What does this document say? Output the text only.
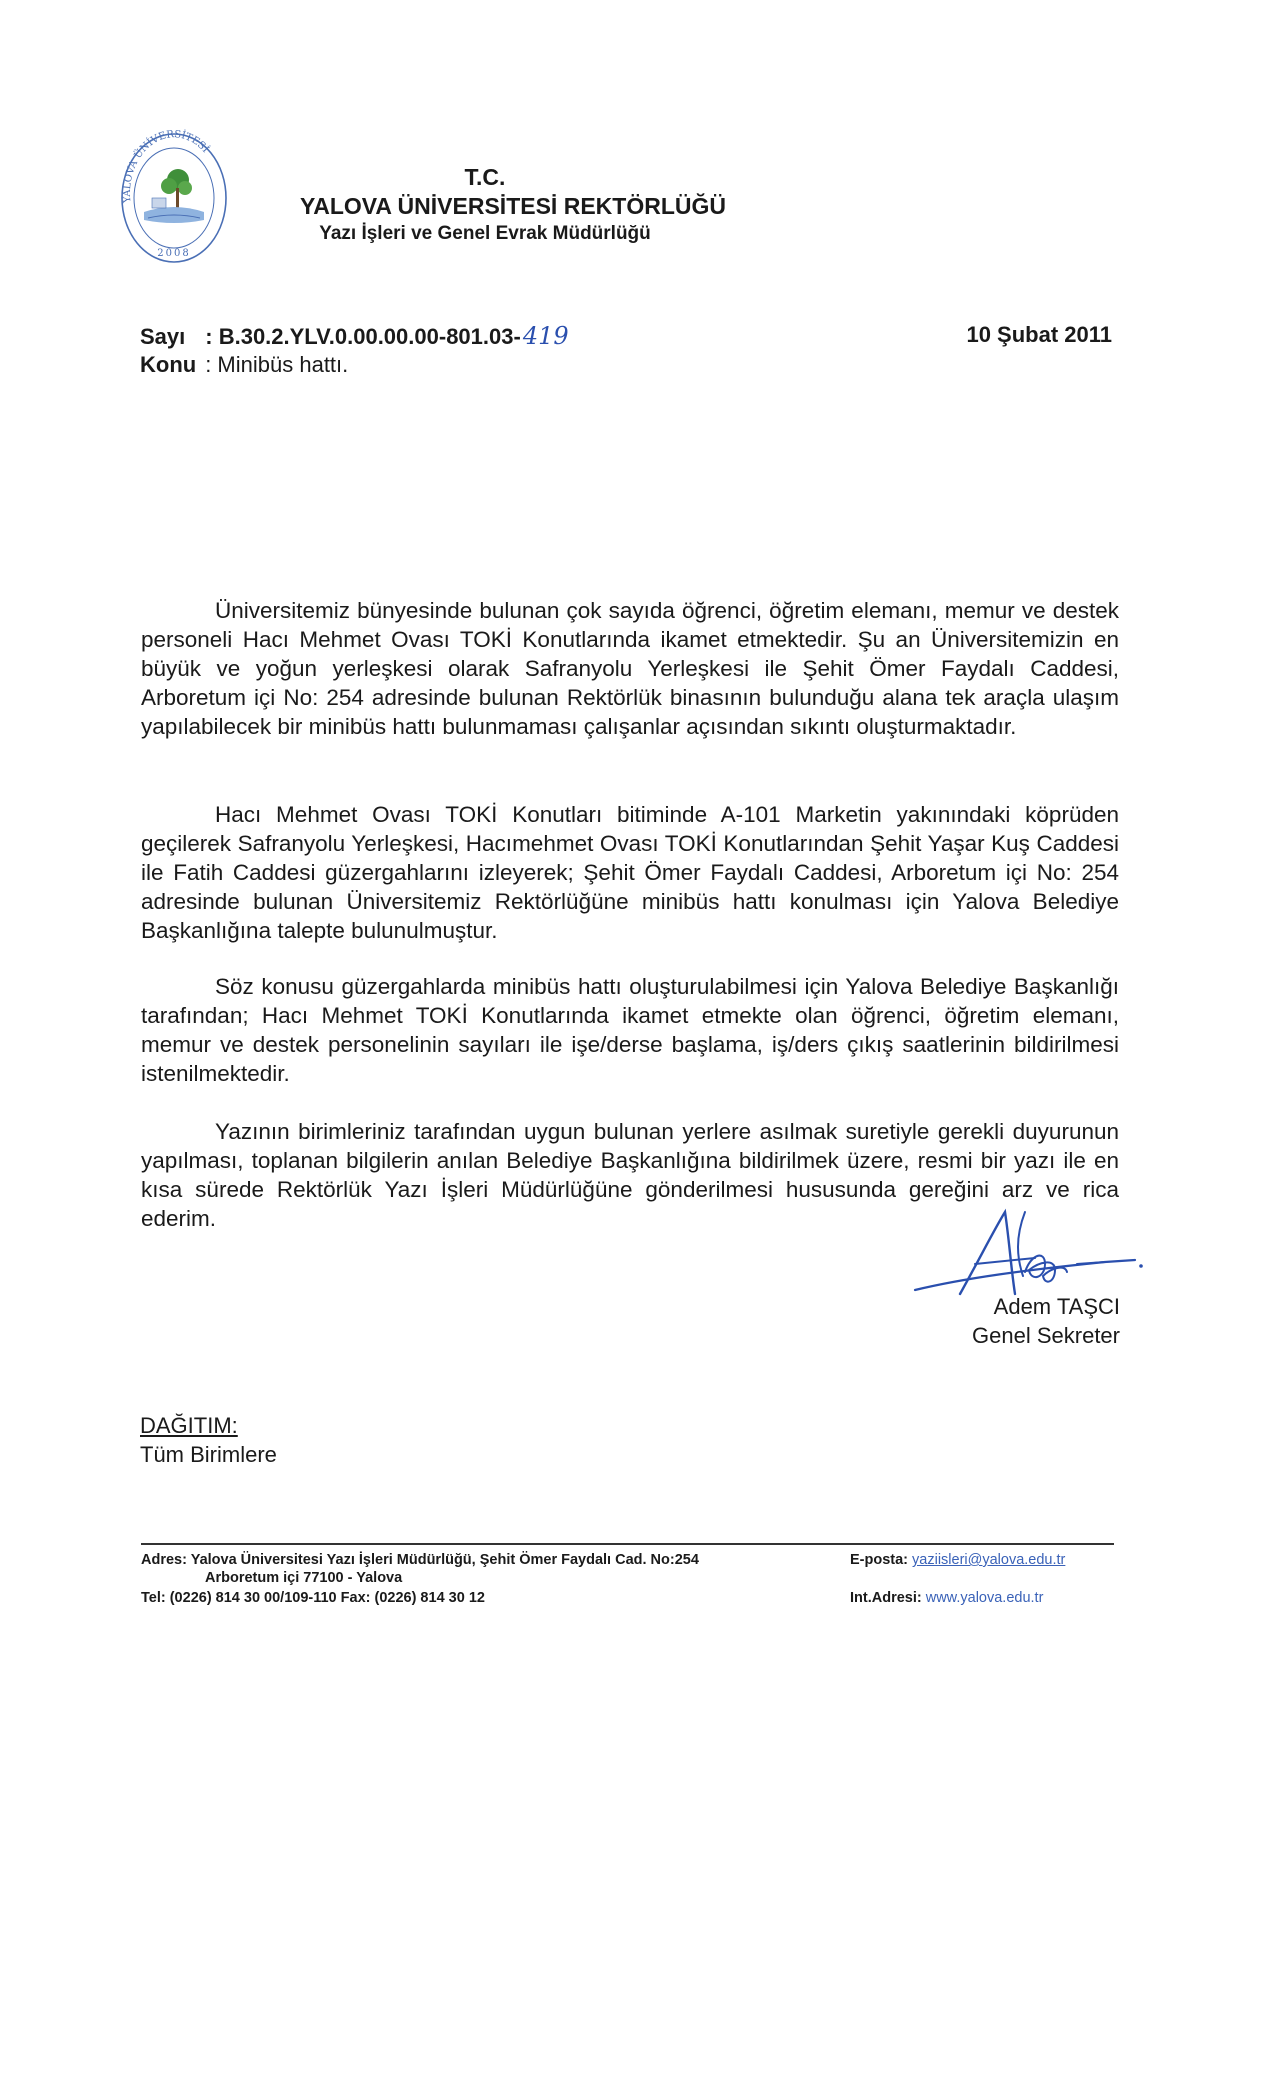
YALOVA ÜNİVERSİTESİ
2008
T.C.
YALOVA ÜNİVERSİTESİ REKTÖRLÜĞÜ
Yazı İşleri ve Genel Evrak Müdürlüğü
Sayı : B.30.2.YLV.0.00.00.00-801.03-419
Konu : Minibüs hattı.
10 Şubat 2011

Üniversitemiz bünyesinde bulunan çok sayıda öğrenci, öğretim elemanı, memur ve destek personeli Hacı Mehmet Ovası TOKİ Konutlarında ikamet etmektedir. Şu an Üniversitemizin en büyük ve yoğun yerleşkesi olarak Safranyolu Yerleşkesi ile Şehit Ömer Faydalı Caddesi, Arboretum içi No: 254 adresinde bulunan Rektörlük binasının bulunduğu alana tek araçla ulaşım yapılabilecek bir minibüs hattı bulunmaması çalışanlar açısından sıkıntı oluşturmaktadır.

Hacı Mehmet Ovası TOKİ Konutları bitiminde A-101 Marketin yakınındaki köprüden geçilerek Safranyolu Yerleşkesi, Hacımehmet Ovası TOKİ Konutlarından Şehit Yaşar Kuş Caddesi ile Fatih Caddesi güzergahlarını izleyerek; Şehit Ömer Faydalı Caddesi, Arboretum içi No: 254 adresinde bulunan Üniversitemiz Rektörlüğüne minibüs hattı konulması için Yalova Belediye Başkanlığına talepte bulunulmuştur.

Söz konusu güzergahlarda minibüs hattı oluşturulabilmesi için Yalova Belediye Başkanlığı tarafından; Hacı Mehmet TOKİ Konutlarında ikamet etmekte olan öğrenci, öğretim elemanı, memur ve destek personelinin sayıları ile işe/derse başlama, iş/ders çıkış saatlerinin bildirilmesi istenilmektedir.

Yazının birimleriniz tarafından uygun bulunan yerlere asılmak suretiyle gerekli duyurunun yapılması, toplanan bilgilerin anılan Belediye Başkanlığına bildirilmek üzere, resmi bir yazı ile en kısa sürede Rektörlük Yazı İşleri Müdürlüğüne gönderilmesi hususunda gereğini arz ve rica ederim.

Adem TAŞCI
Genel Sekreter
DAĞITIM:
Tüm Birimlere
Adres: Yalova Üniversitesi Yazı İşleri Müdürlüğü, Şehit Ömer Faydalı Cad. No:254
Arboretum içi 77100 - Yalova
Tel: (0226) 814 30 00/109-110 Fax: (0226) 814 30 12
E-posta: yaziisleri@yalova.edu.tr
Int.Adresi: www.yalova.edu.tr
